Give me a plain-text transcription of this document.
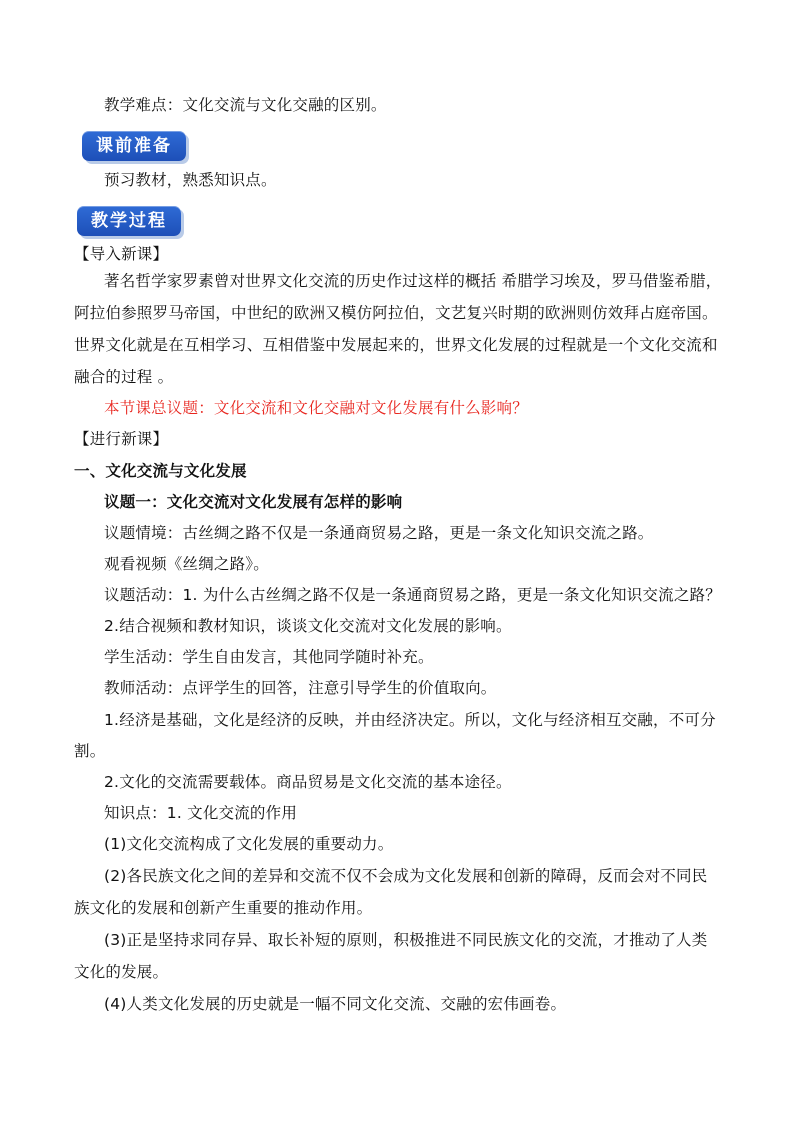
教学难点：文化交流与文化交融的区别。
课前准备
预习教材，熟悉知识点。
教学过程
【导入新课】
著名哲学家罗素曾对世界文化交流的历史作过这样的概括 希腊学习埃及，罗马借鉴希腊，
阿拉伯参照罗马帝国，中世纪的欧洲又模仿阿拉伯，文艺复兴时期的欧洲则仿效拜占庭帝国。
世界文化就是在互相学习、互相借鉴中发展起来的，世界文化发展的过程就是一个文化交流和
融合的过程 。
本节课总议题：文化交流和文化交融对文化发展有什么影响？
【进行新课】
一、文化交流与文化发展
议题一：文化交流对文化发展有怎样的影响
议题情境：古丝绸之路不仅是一条通商贸易之路，更是一条文化知识交流之路。
观看视频《丝绸之路》。
议题活动：1. 为什么古丝绸之路不仅是一条通商贸易之路，更是一条文化知识交流之路？
2.结合视频和教材知识，谈谈文化交流对文化发展的影响。
学生活动：学生自由发言，其他同学随时补充。
教师活动：点评学生的回答，注意引导学生的价值取向。
1.经济是基础，文化是经济的反映，并由经济决定。所以，文化与经济相互交融，不可分
割。
2.文化的交流需要载体。商品贸易是文化交流的基本途径。
知识点：1. 文化交流的作用
(1)文化交流构成了文化发展的重要动力。
(2)各民族文化之间的差异和交流不仅不会成为文化发展和创新的障碍，反而会对不同民
族文化的发展和创新产生重要的推动作用。
(3)正是坚持求同存异、取长补短的原则，积极推进不同民族文化的交流，才推动了人类
文化的发展。
(4)人类文化发展的历史就是一幅不同文化交流、交融的宏伟画卷。
